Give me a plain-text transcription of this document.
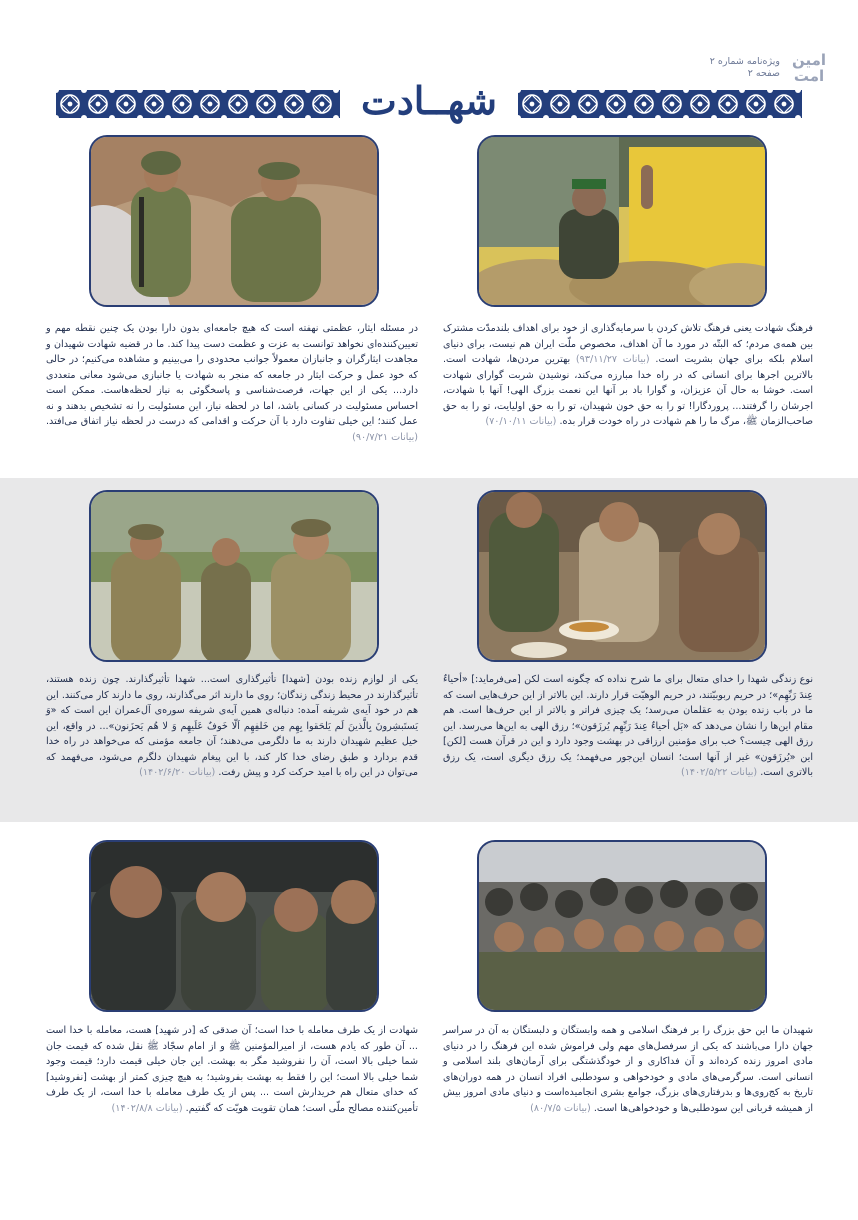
امین
امت
ویژه‌نامه شماره ۲
صفحه ۲
شهــادت
فرهنگ شهادت یعنی فرهنگ تلاش کردن با سرمایه‌گذاری از خود برای اهداف بلندمدّت مشترک بین همه‌ی مردم؛ که البتّه در مورد ما آن اهداف، مخصوص ملّت ایران هم نیست، برای دنیای اسلام بلکه برای جهان بشریت است. (بیانات ۹۳/۱۱/۲۷) بهترین مردن‌ها، شهادت است. بالاترین اجرها برای انسانی که در راه خدا مبارزه می‌کند، نوشیدن شربت گوارای شهادت است. خوشا به حال آن عزیزان، و گوارا باد بر آنها این نعمت بزرگ الهی! آنها با شهادت، اجرشان را گرفتند... پروردگارا! تو را به حق خون شهیدان، تو را به حق اولیایت، تو را به حق صاحب‌الزمان ﷺ، مرگ ما را هم شهادت در راه خودت قرار بده. (بیانات ۷۰/۱۰/۱۱)
در مسئله ایثار، عظمتی نهفته است که هیچ جامعه‌ای بدون دارا بودن یک چنین نقطه مهم و تعیین‌کننده‌ای نخواهد توانست به عزت و عظمت دست پیدا کند. ما در قضیه شهادت شهیدان و مجاهدت ایثارگران و جانبازان معمولاً جوانب محدودی را می‌بینیم و مشاهده می‌کنیم؛ در حالی که خود عمل و حرکت ایثار در جامعه که منجر به شهادت یا جانبازی می‌شود معانی متعددی دارد... یکی از این جهات، فرصت‌شناسی و پاسخگوئی به نیاز لحظه‌هاست. ممکن است احساس مسئولیت در کسانی باشد، اما در لحظه نیاز، این مسئولیت را نه تشخیص بدهند و نه عمل کنند؛ این خیلی تفاوت دارد با آن حرکت و اقدامی که درست در لحظه نیاز اتفاق می‌افتد. (بیانات ۹۰/۷/۲۱)
نوع زندگی شهدا را خدای متعال برای ما شرح نداده که چگونه است لکن [می‌فرماید:] «أحیاءٌ عِندَ رَبِّهِم»؛ در حریم ربوبیّتند، در حریم الوهیّت قرار دارند. این بالاتر از این حرف‌هایی است که ما در باب زنده بودن به عقلمان می‌رسد؛ یک چیزی فراتر و بالاتر از این حرف‌ها است. هم مقام این‌ها را نشان می‌دهد که «بَل أحیاءٌ عِندَ رَبِّهِم یُرزَقون»؛ رزق الهی به این‌ها می‌رسد. این رزق الهی چیست؟ خب برای مؤمنین ارزاقی در بهشت وجود دارد و این در قرآن هست [لکن] این «یُرزَقون» غیر از آنها است؛ انسان این‌جور می‌فهمد؛ یک رزق دیگری است، یک رزق بالاتری است. (بیانات ۱۴۰۲/۵/۲۲)
یکی از لوازم زنده بودن [شهدا] تأثیرگذاری است... شهدا تأثیرگذارند. چون زنده هستند، تأثیرگذارند در محیط زندگی زندگان؛ روی ما دارند اثر می‌گذارند، روی ما دارند کار می‌کنند. این هم در خود آیه‌ی شریفه آمده: دنباله‌ی همین آیه‌ی شریفه سوره‌ی آل‌عمران این است که «وَ یَستَبشِرونَ بِالَّذینَ لَم یَلحَقوا بِهِم مِن خَلفِهِم اَلّا خَوفٌ عَلَیهِم وَ لا هُم یَحزَنون»... در واقع، این خیل عظیم شهیدان دارند به ما دلگرمی می‌دهند؛ آن جامعه مؤمنی که می‌خواهد در راه خدا قدم بردارد و طبق رضای خدا کار کند، با این پیغام شهیدان دلگرم می‌شود، می‌فهمد که می‌توان در این راه با امید حرکت کرد و پیش رفت. (بیانات ۱۴۰۲/۶/۲۰)
شهیدان ما این حق بزرگ را بر فرهنگ اسلامی و همه وابستگان و دلبستگان به آن در سراسر جهان دارا می‌باشند که یکی از سرفصل‌های مهم ولی فراموش شده این فرهنگ را در دنیای مادی امروز زنده کرده‌اند و آن فداکاری و از خودگذشتگی برای آرمان‌های بلند اسلامی و انسانی است. سرگرمی‌های مادی و خودخواهی و سودطلبی افراد انسان در همه دوران‌های تاریخ به کج‌روی‌ها و بدرفتاری‌های بزرگ، جوامع بشری انجامیده‌است و دنیای مادی امروز بیش از همیشه قربانی این سودطلبی‌ها و خودخواهی‌ها است. (بیانات ۸۰/۷/۵)
شهادت از یک طرف معامله با خدا است؛ آن صدقی که [در شهید] هست، معامله با خدا است ... آن طور که یادم هست، از امیرالمؤمنین ﷺ و از امام سجّاد ﷺ نقل شده که قیمت جان شما خیلی بالا است، آن را نفروشید مگر به بهشت. این جان خیلی قیمت دارد؛ قیمت وجود شما خیلی بالا است؛ این را فقط به بهشت بفروشید؛ به هیچ چیزی کمتر از بهشت [نفروشید] که خدای متعال هم خریدارش است ... پس از یک طرف معامله با خدا است، از یک طرف تأمین‌کننده مصالح ملّی است؛ همان تقویت هویّت که گفتیم. (بیانات ۱۴۰۲/۸/۸)
